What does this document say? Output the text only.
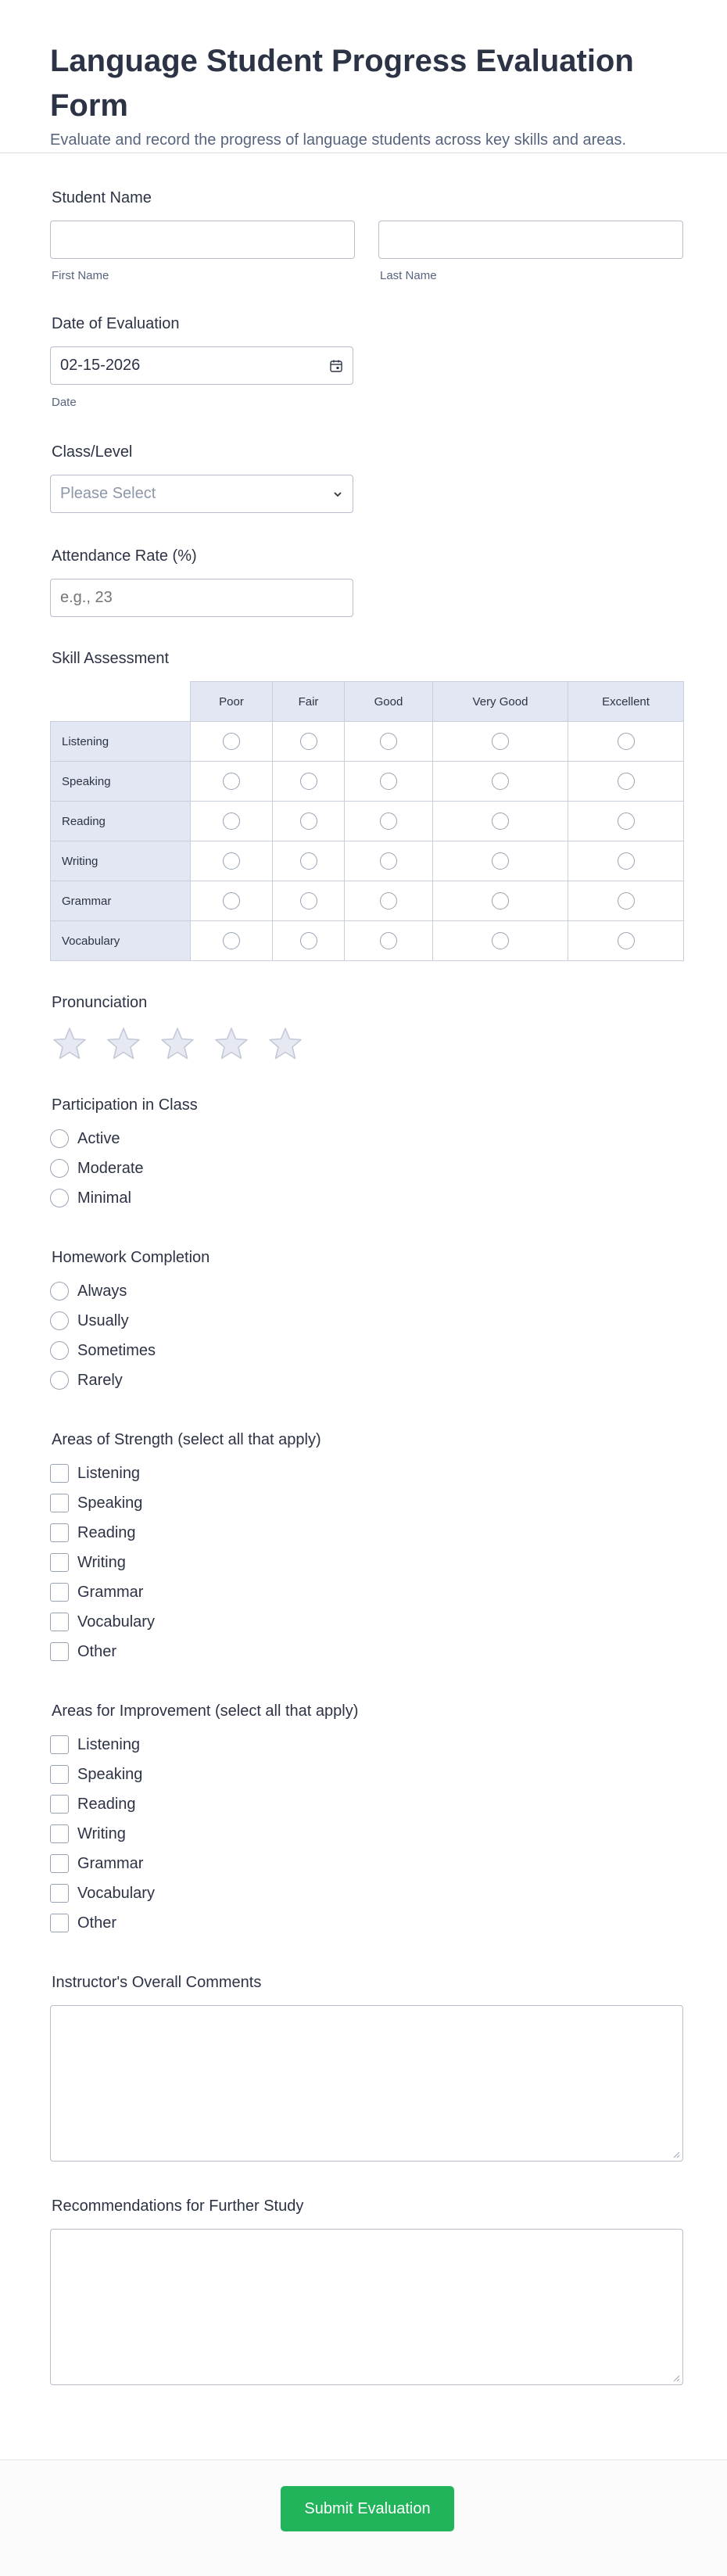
Language Student Progress Evaluation Form
Evaluate and record the progress of language students across key skills and areas.
Student Name
First Name	Last Name
Date of Evaluation
02-15-2026
Date
Class/Level
Please Select
Attendance Rate (%)
e.g., 23
Skill Assessment
	Poor	Fair	Good	Very Good	Excellent
Listening					
Speaking					
Reading					
Writing					
Grammar					
Vocabulary					
Pronunciation
Participation in Class
Active
Moderate
Minimal
Homework Completion
Always
Usually
Sometimes
Rarely
Areas of Strength (select all that apply)
Listening
Speaking
Reading
Writing
Grammar
Vocabulary
Other
Areas for Improvement (select all that apply)
Listening
Speaking
Reading
Writing
Grammar
Vocabulary
Other
Instructor's Overall Comments
Recommendations for Further Study
Submit Evaluation
